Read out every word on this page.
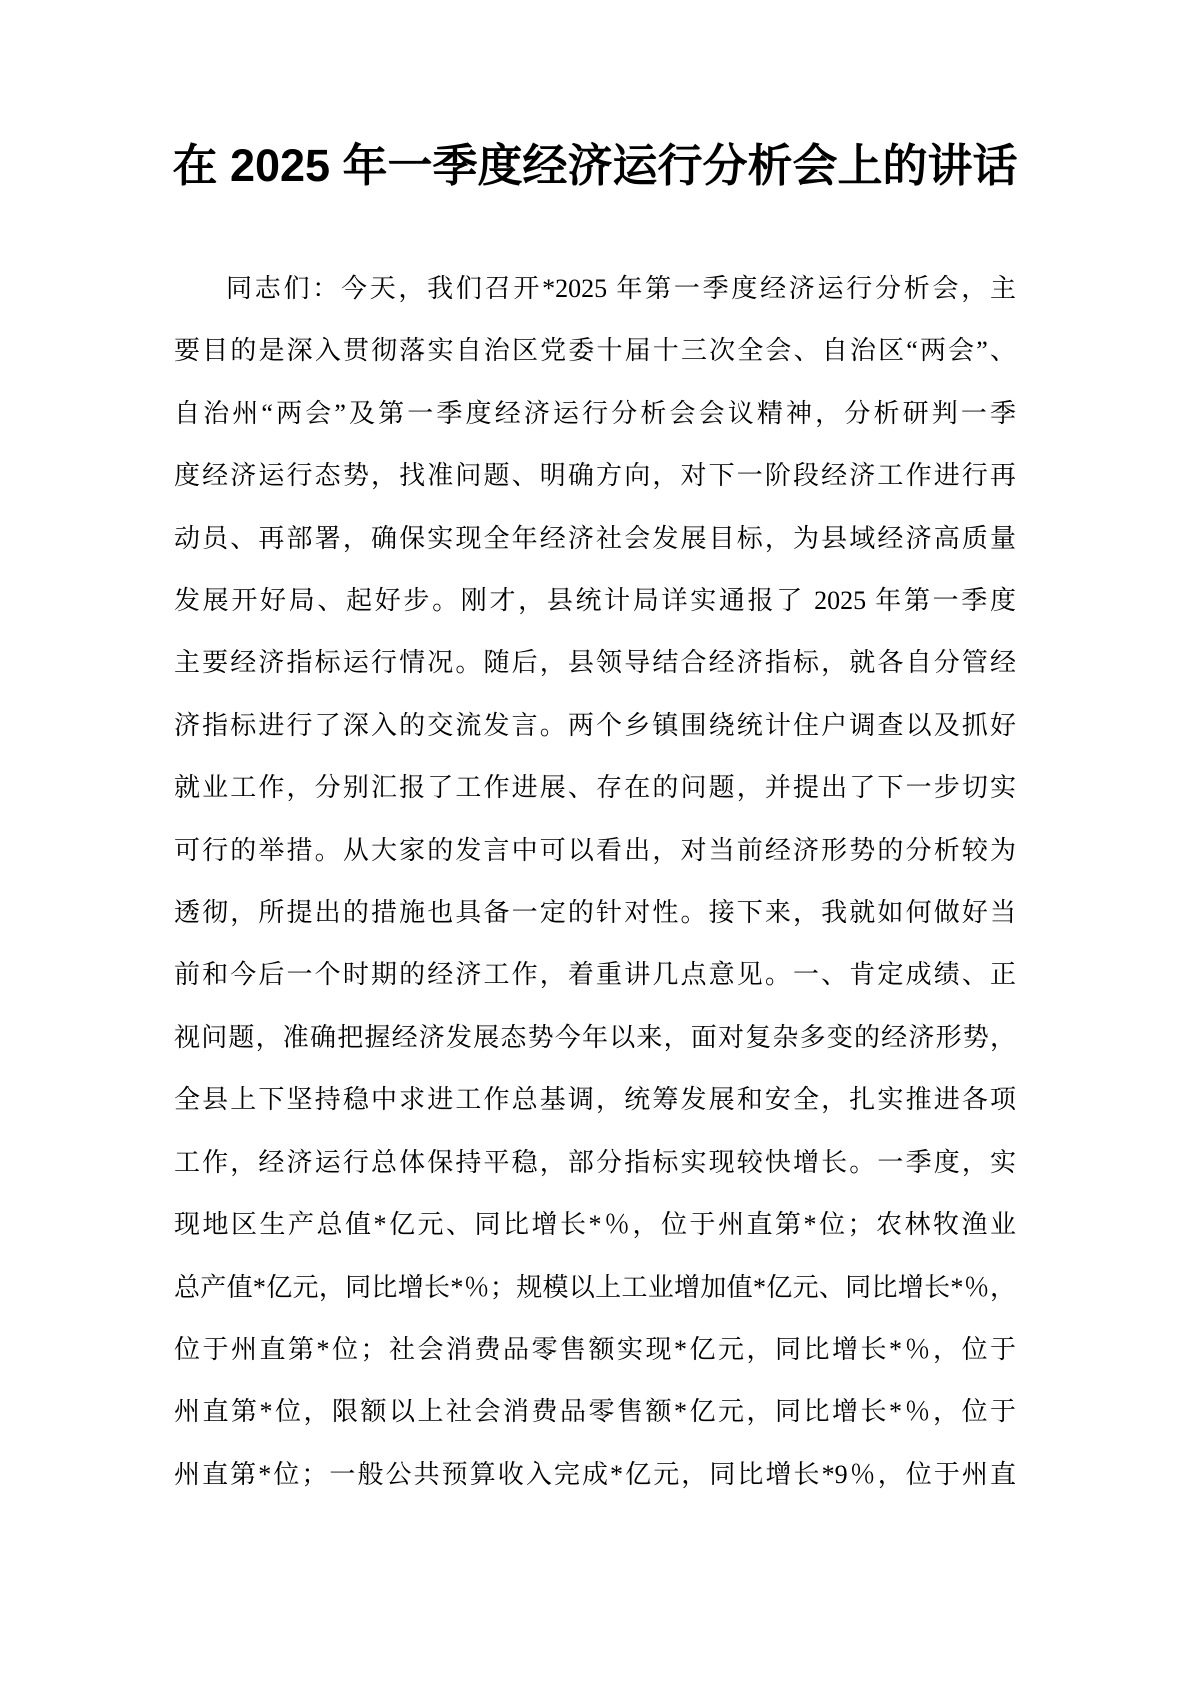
在 2025 年一季度经济运行分析会上的讲话
同志们：今天，我们召开*2025 年第一季度经济运行分析会，主
要目的是深入贯彻落实自治区党委十届十三次全会、自治区“两会”、
自治州“两会”及第一季度经济运行分析会会议精神，分析研判一季
度经济运行态势，找准问题、明确方向，对下一阶段经济工作进行再
动员、再部署，确保实现全年经济社会发展目标，为县域经济高质量
发展开好局、起好步。刚才，县统计局详实通报了 2025 年第一季度
主要经济指标运行情况。随后，县领导结合经济指标，就各自分管经
济指标进行了深入的交流发言。两个乡镇围绕统计住户调查以及抓好
就业工作，分别汇报了工作进展、存在的问题，并提出了下一步切实
可行的举措。从大家的发言中可以看出，对当前经济形势的分析较为
透彻，所提出的措施也具备一定的针对性。接下来，我就如何做好当
前和今后一个时期的经济工作，着重讲几点意见。一、肯定成绩、正
视问题，准确把握经济发展态势今年以来，面对复杂多变的经济形势，
全县上下坚持稳中求进工作总基调，统筹发展和安全，扎实推进各项
工作，经济运行总体保持平稳，部分指标实现较快增长。一季度，实
现地区生产总值*亿元、同比增长*％，位于州直第*位；农林牧渔业
总产值*亿元，同比增长*％；规模以上工业增加值*亿元、同比增长*％，
位于州直第*位；社会消费品零售额实现*亿元，同比增长*％，位于
州直第*位，限额以上社会消费品零售额*亿元，同比增长*％，位于
州直第*位；一般公共预算收入完成*亿元，同比增长*9％，位于州直
